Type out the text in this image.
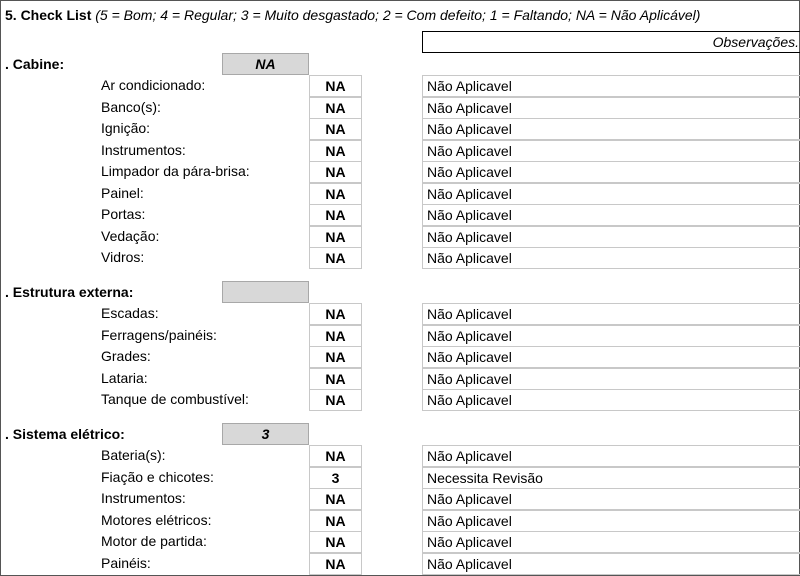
5. Check List (5 = Bom; 4 = Regular; 3 = Muito desgastado; 2 = Com defeito; 1 = Faltando; NA = Não Aplicável)
Observações.
. Cabine:	NA
Ar condicionado:	NA	Não Aplicavel
Banco(s):	NA	Não Aplicavel
Ignição:	NA	Não Aplicavel
Instrumentos:	NA	Não Aplicavel
Limpador da pára-brisa:	NA	Não Aplicavel
Painel:	NA	Não Aplicavel
Portas:	NA	Não Aplicavel
Vedação:	NA	Não Aplicavel
Vidros:	NA	Não Aplicavel
. Estrutura externa:
Escadas:	NA	Não Aplicavel
Ferragens/painéis:	NA	Não Aplicavel
Grades:	NA	Não Aplicavel
Lataria:	NA	Não Aplicavel
Tanque de combustível:	NA	Não Aplicavel
. Sistema elétrico:	3
Bateria(s):	NA	Não Aplicavel
Fiação e chicotes:	3	Necessita Revisão
Instrumentos:	NA	Não Aplicavel
Motores elétricos:	NA	Não Aplicavel
Motor de partida:	NA	Não Aplicavel
Painéis:	NA	Não Aplicavel
